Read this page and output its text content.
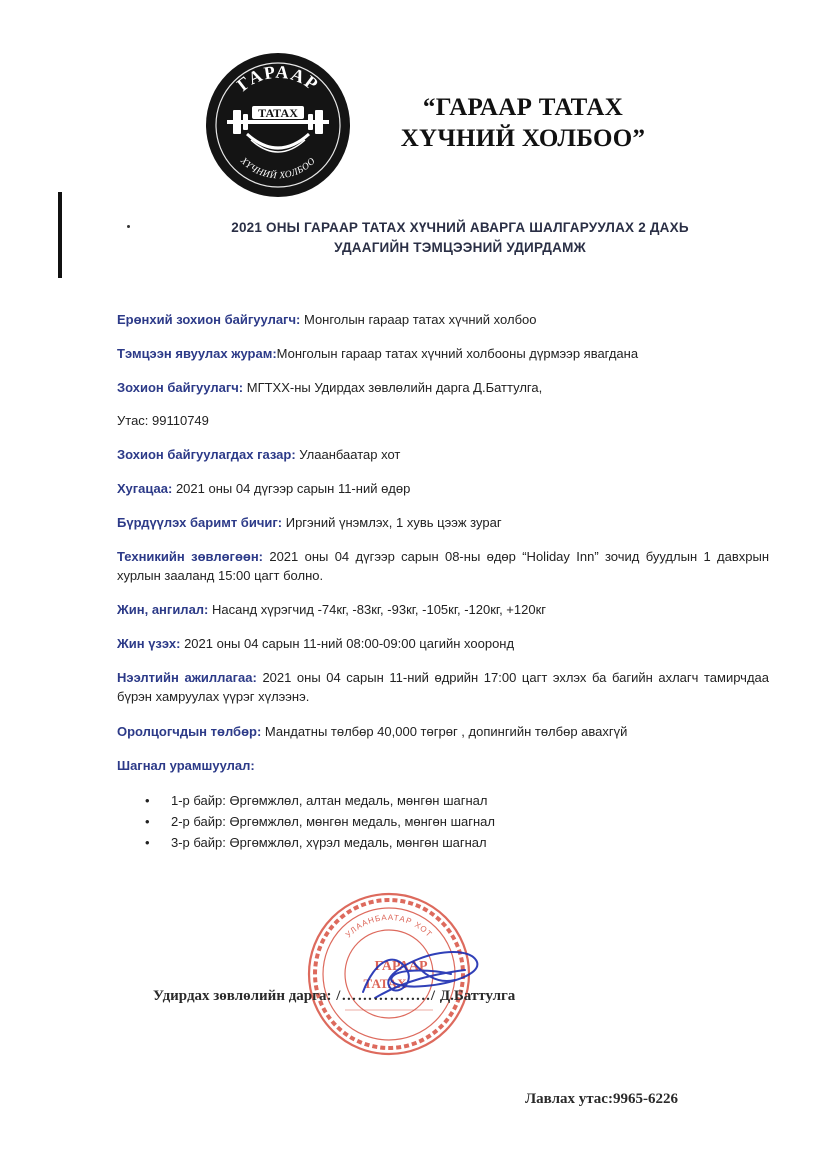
ГАРААР
ТАТАХ
ХҮЧНИЙ ХОЛБОО
“ГАРААР ТАТАХ
ХҮЧНИЙ ХОЛБОО”
2021 ОНЫ ГАРААР ТАТАХ ХҮЧНИЙ АВАРГА ШАЛГАРУУЛАХ 2 ДАХЬ
УДААГИЙН ТЭМЦЭЭНИЙ УДИРДАМЖ

Ерөнхий зохион байгуулагч: Монголын гараар татах хүчний холбоо

Тэмцээн явуулах журам:Монголын гараар татах хүчний холбооны дүрмээр явагдана

Зохион байгуулагч: МГТХХ-ны Удирдах зөвлөлийн дарга Д.Баттулга,

Утас: 99110749

Зохион байгуулагдах газар: Улаанбаатар хот

Хугацаа: 2021 оны 04 дүгээр сарын 11-ний өдөр

Бүрдүүлэх баримт бичиг: Иргэний үнэмлэх, 1 хувь цээж зураг

Техникийн зөвлөгөөн: 2021 оны 04 дүгээр сарын 08-ны өдөр “Holiday Inn” зочид буудлын 1 давхрын хурлын зааланд 15:00 цагт болно.

Жин, ангилал: Насанд хүрэгчид -74кг, -83кг, -93кг, -105кг, -120кг, +120кг

Жин үзэх: 2021 оны 04 сарын 11-ний 08:00-09:00 цагийн хооронд

Нээлтийн ажиллагаа: 2021 оны 04 сарын 11-ний өдрийн 17:00 цагт эхлэх ба багийн ахлагч тамирчдаа бүрэн хамруулах үүрэг хүлээнэ.

Оролцогчдын төлбөр: Мандатны төлбөр 40,000 төгрөг , допингийн төлбөр авахгүй

Шагнал урамшуулал:

• 1-р байр: Өргөмжлөл, алтан медаль, мөнгөн шагнал
• 2-р байр: Өргөмжлөл, мөнгөн медаль, мөнгөн шагнал
• 3-р байр: Өргөмжлөл, хүрэл медаль, мөнгөн шагнал
УЛААНБААТАР ХОТ
ГАРААР
ТАТАХ
Удирдах зөвлөлийн дарга: /……………../ Д.Баттулга
Лавлах утас:9965-6226
